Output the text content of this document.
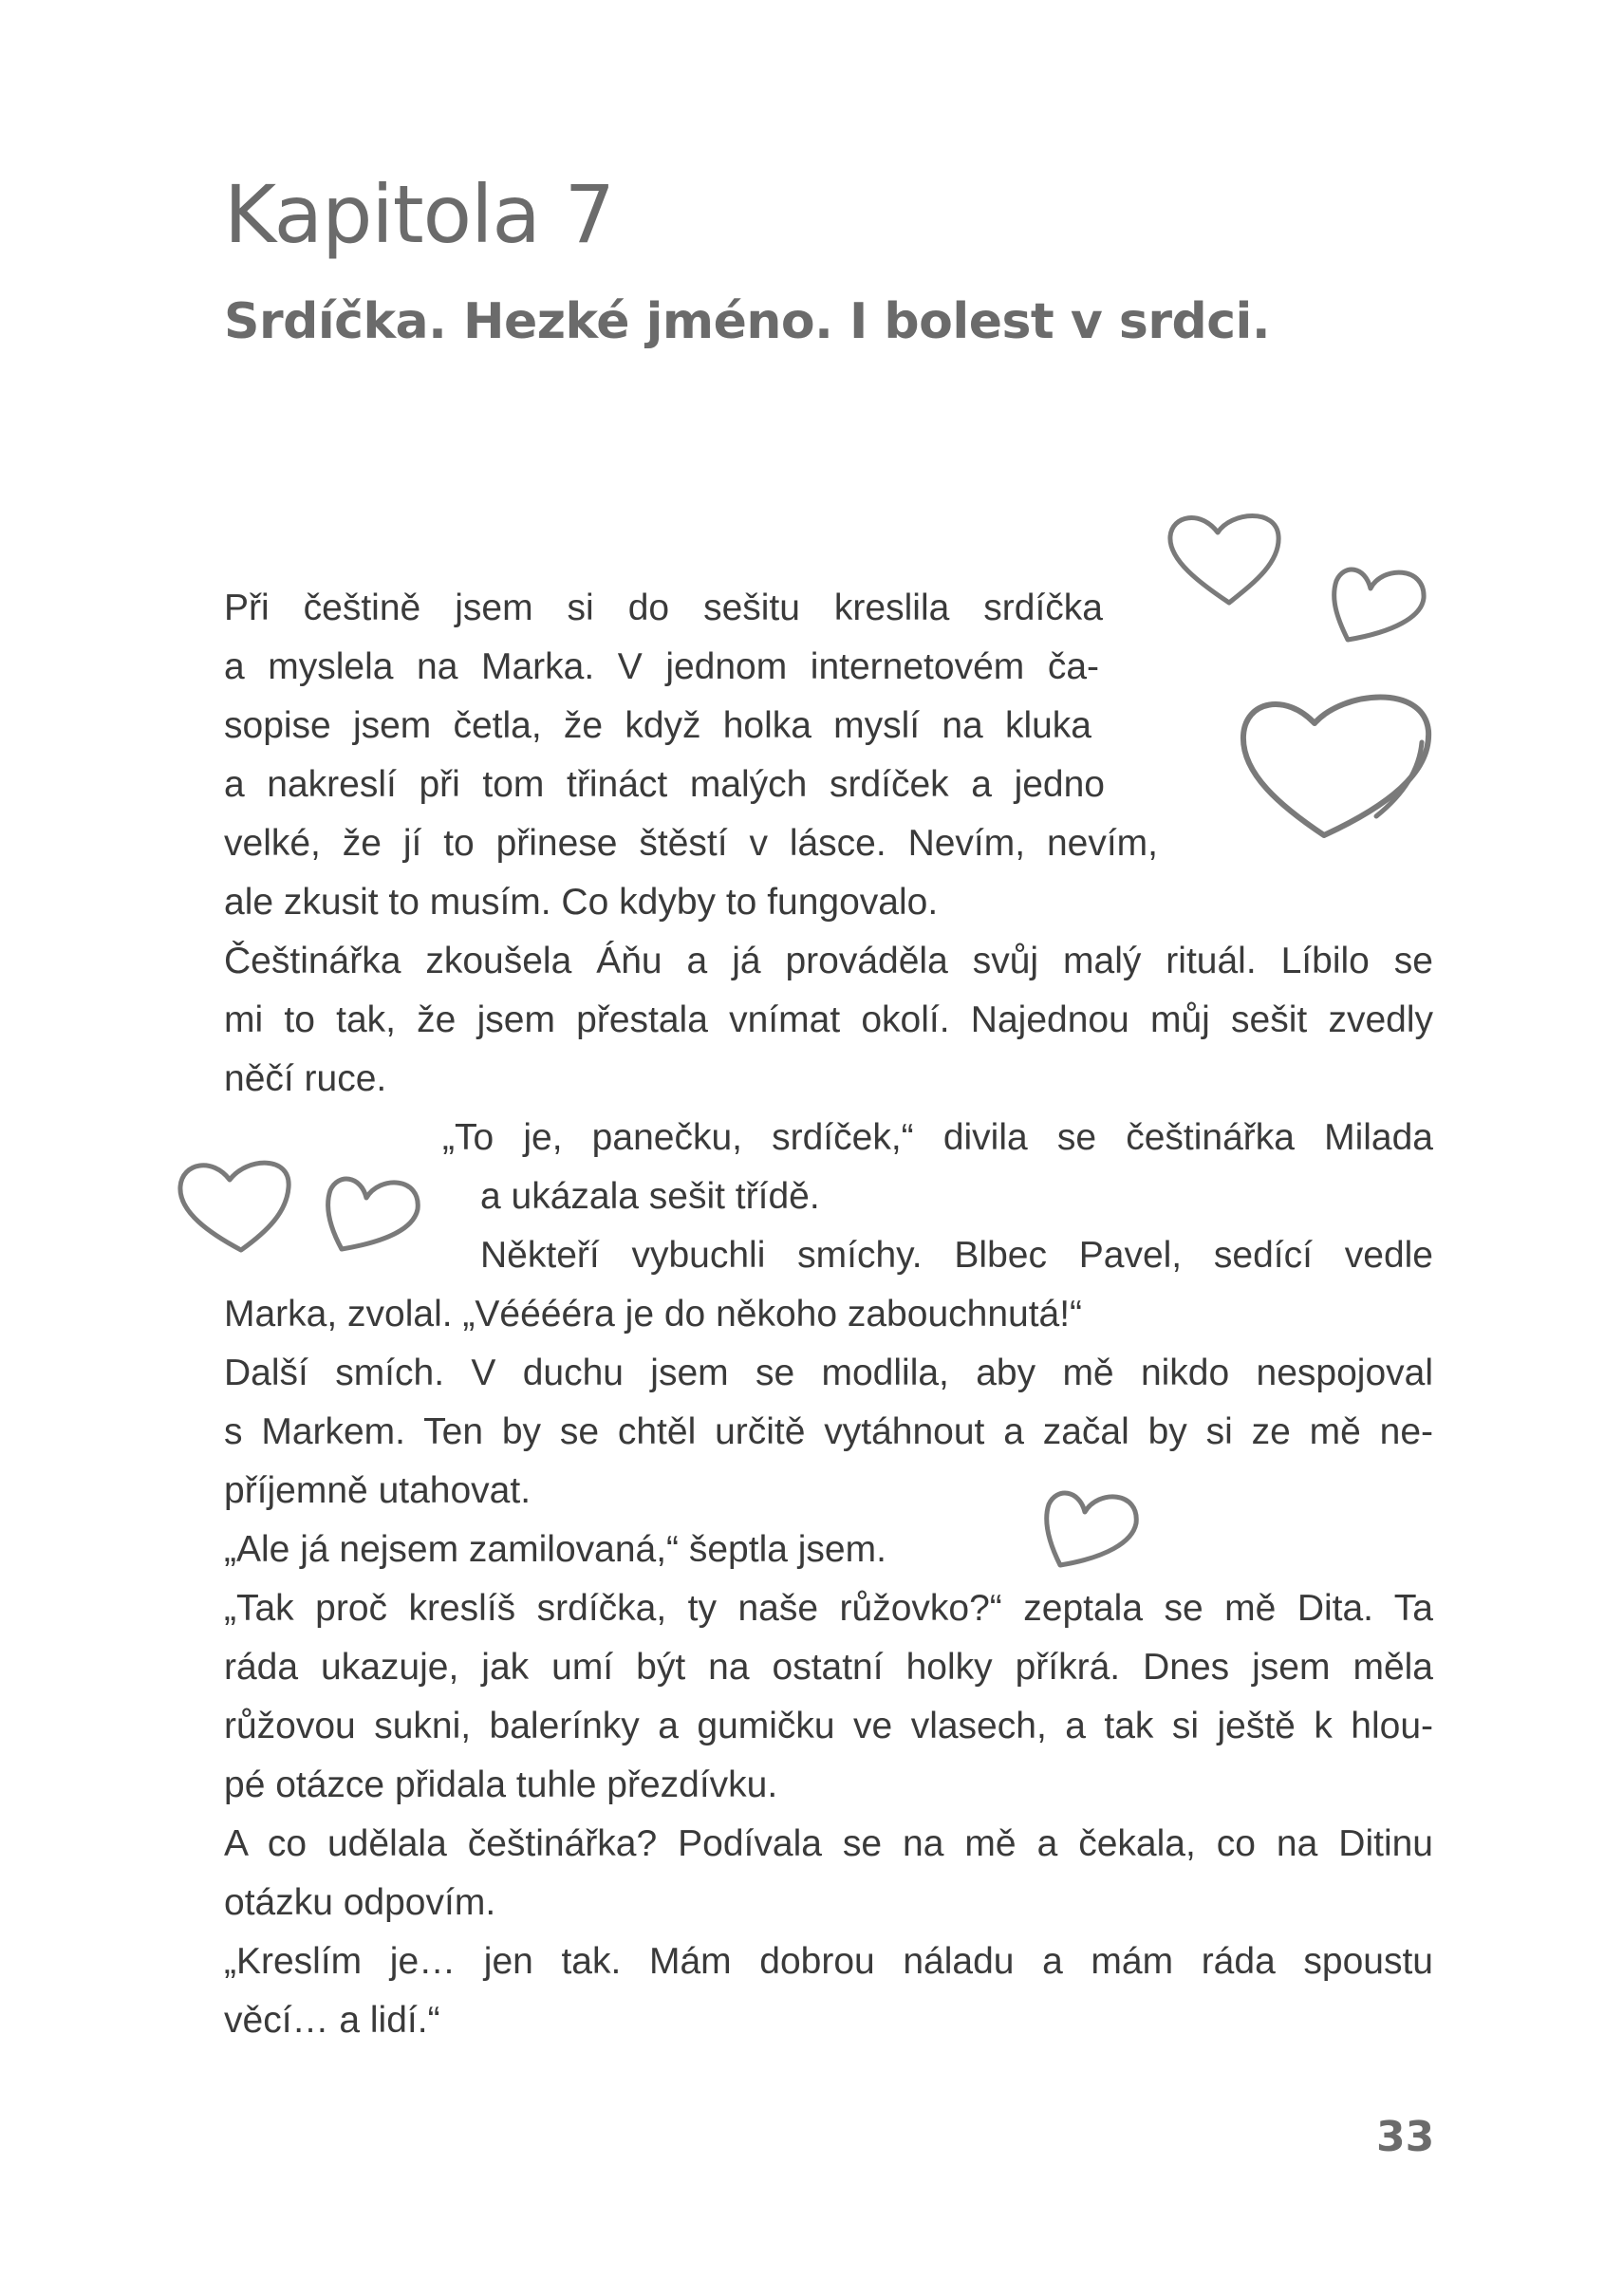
Kapitola 7
Srdíčka. Hezké jméno. I bolest v srdci.
Při češtině jsem si do sešitu kreslila srdíčka
a myslela na Marka. V jednom internetovém ča-
sopise jsem četla, že když holka myslí na kluka
a nakreslí při tom třináct malých srdíček a jedno
velké, že jí to přinese štěstí v lásce. Nevím, nevím,
ale zkusit to musím. Co kdyby to fungovalo.
Češtinářka zkoušela Áňu a já prováděla svůj malý rituál. Líbilo se
mi to tak, že jsem přestala vnímat okolí. Najednou můj sešit zvedly
něčí ruce.
„To je, panečku, srdíček,“ divila se češtinářka Milada
a ukázala sešit třídě.
Někteří vybuchli smíchy. Blbec Pavel, sedící vedle
Marka, zvolal. „Vééééra je do někoho zabouchnutá!“
Další smích. V duchu jsem se modlila, aby mě nikdo nespojoval
s Markem. Ten by se chtěl určitě vytáhnout a začal by si ze mě ne-
příjemně utahovat.
„Ale já nejsem zamilovaná,“ šeptla jsem.
„Tak proč kreslíš srdíčka, ty naše růžovko?“ zeptala se mě Dita. Ta
ráda ukazuje, jak umí být na ostatní holky příkrá. Dnes jsem měla
růžovou sukni, balerínky a gumičku ve vlasech, a tak si ještě k hlou-
pé otázce přidala tuhle přezdívku.
A co udělala češtinářka? Podívala se na mě a čekala, co na Ditinu
otázku odpovím.
„Kreslím je… jen tak. Mám dobrou náladu a mám ráda spoustu
věcí… a lidí.“
33
